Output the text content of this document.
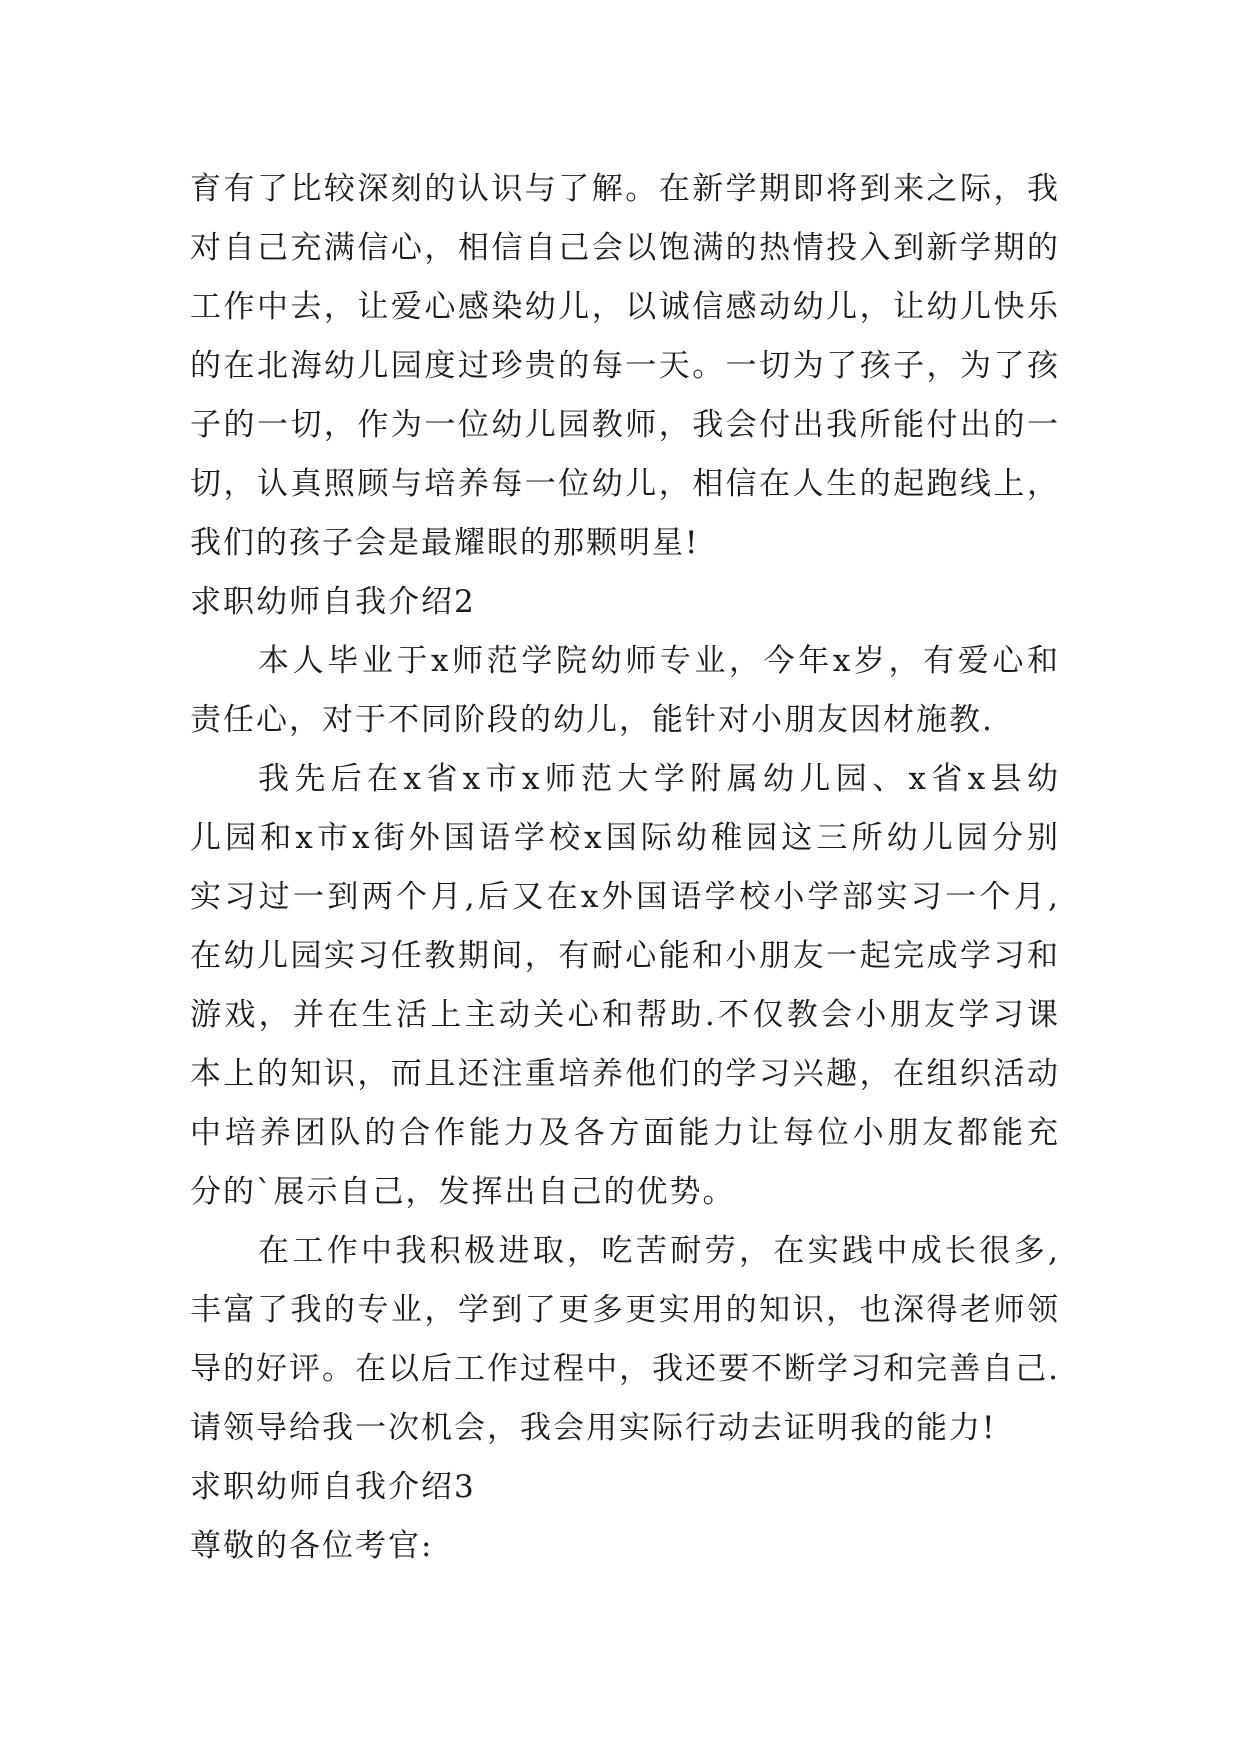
育有了比较深刻的认识与了解。在新学期即将到来之际，我
对自己充满信心，相信自己会以饱满的热情投入到新学期的
工作中去，让爱心感染幼儿，以诚信感动幼儿，让幼儿快乐
的在北海幼儿园度过珍贵的每一天。一切为了孩子，为了孩
子的一切，作为一位幼儿园教师，我会付出我所能付出的一
切，认真照顾与培养每一位幼儿，相信在人生的起跑线上，
我们的孩子会是最耀眼的那颗明星!
求职幼师自我介绍2
本人毕业于x师范学院幼师专业，今年x岁，有爱心和
责任心，对于不同阶段的幼儿，能针对小朋友因材施教.
我先后在x省x市x师范大学附属幼儿园、x省x县幼
儿园和x市x街外国语学校x国际幼稚园这三所幼儿园分别
实习过一到两个月,后又在x外国语学校小学部实习一个月,
在幼儿园实习任教期间，有耐心能和小朋友一起完成学习和
游戏，并在生活上主动关心和帮助.不仅教会小朋友学习课
本上的知识，而且还注重培养他们的学习兴趣，在组织活动
中培养团队的合作能力及各方面能力让每位小朋友都能充
分的`展示自己，发挥出自己的优势。
在工作中我积极进取，吃苦耐劳，在实践中成长很多,
丰富了我的专业，学到了更多更实用的知识，也深得老师领
导的好评。在以后工作过程中，我还要不断学习和完善自己.
请领导给我一次机会，我会用实际行动去证明我的能力!
求职幼师自我介绍3
尊敬的各位考官:
